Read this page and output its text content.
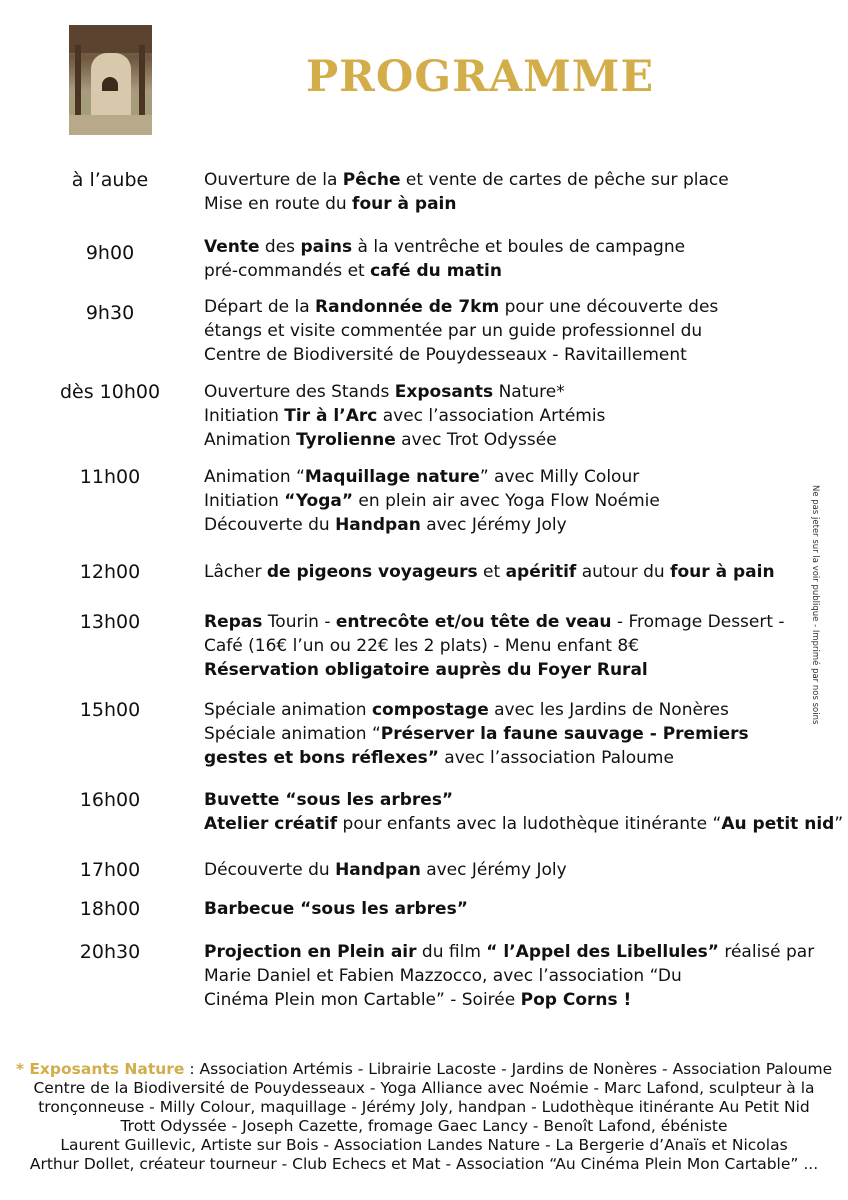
PROGRAMME
à l’aube	Ouverture de la Pêche et vente de cartes de pêche sur place
Mise en route du four à pain
9h00	Vente des pains à la ventrêche et boules de campagne
pré-commandés et café du matin
9h30	Départ de la Randonnée de 7km pour une découverte des
étangs et visite commentée par un guide professionnel du
Centre de Biodiversité de Pouydesseaux - Ravitaillement
dès 10h00	Ouverture des Stands Exposants Nature*
Initiation Tir à l’Arc avec l’association Artémis
Animation Tyrolienne avec Trot Odyssée
11h00	Animation “Maquillage nature” avec Milly Colour
Initiation “Yoga” en plein air avec Yoga Flow Noémie
Découverte du Handpan avec Jérémy Joly
12h00	Lâcher de pigeons voyageurs et apéritif autour du four à pain
13h00	Repas Tourin - entrecôte et/ou tête de veau - Fromage Dessert -
Café (16€ l’un ou 22€ les 2 plats) - Menu enfant 8€
Réservation obligatoire auprès du Foyer Rural
15h00	Spéciale animation compostage avec les Jardins de Nonères
Spéciale animation “Préserver la faune sauvage - Premiers
gestes et bons réflexes” avec l’association Paloume
16h00	Buvette “sous les arbres”
Atelier créatif pour enfants avec la ludothèque itinérante “Au petit nid”
17h00	Découverte du Handpan avec Jérémy Joly
18h00	Barbecue “sous les arbres”
20h30	Projection en Plein air du film “ l’Appel des Libellules” réalisé par
Marie Daniel et Fabien Mazzocco, avec l’association “Du
Cinéma Plein mon Cartable” - Soirée Pop Corns !
Ne pas jeter sur la voir publique - Imprimé par nos soins
* Exposants Nature : Association Artémis - Librairie Lacoste - Jardins de Nonères - Association Paloume
Centre de la Biodiversité de Pouydesseaux - Yoga Alliance avec Noémie - Marc Lafond, sculpteur à la
tronçonneuse - Milly Colour, maquillage - Jérémy Joly, handpan - Ludothèque itinérante Au Petit Nid
Trott Odyssée - Joseph Cazette, fromage Gaec Lancy - Benoît Lafond, ébéniste
Laurent Guillevic, Artiste sur Bois - Association Landes Nature - La Bergerie d’Anaïs et Nicolas
Arthur Dollet, créateur tourneur - Club Echecs et Mat - Association “Au Cinéma Plein Mon Cartable” ...
